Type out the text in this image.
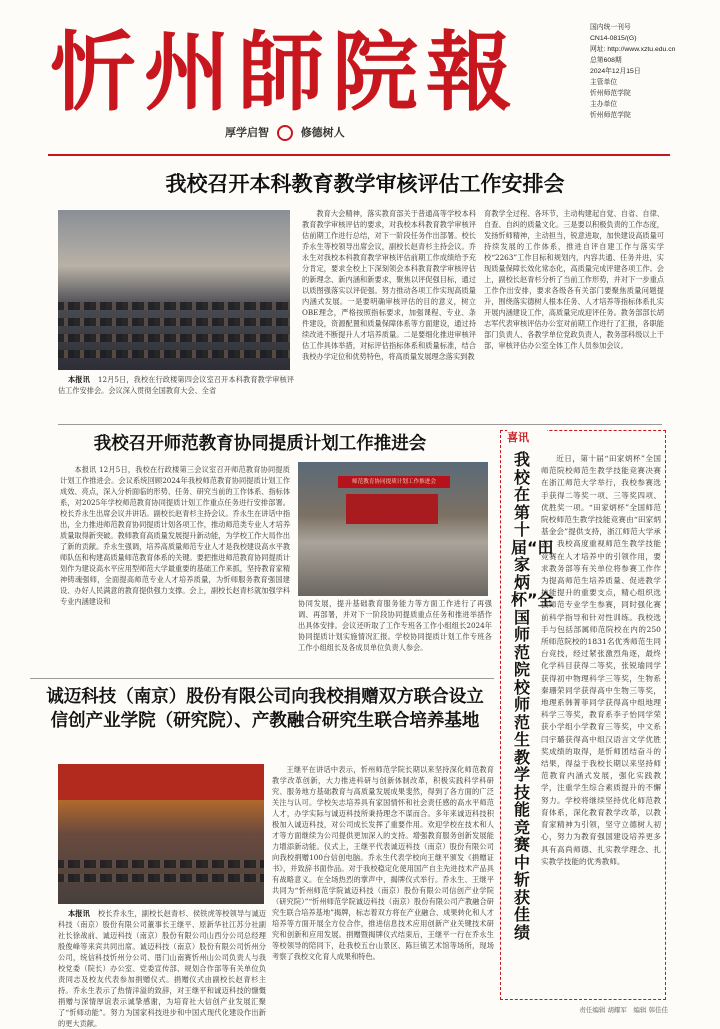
忻州師院報
厚学启智	修德树人
国内统一刊号
CN14-0815/(G)
网址: http://www.xztu.edu.cn
总第608期
2024年12月15日
主管单位
忻州师范学院
主办单位
忻州师范学院
我校召开本科教育教学审核评估工作安排会
本报讯 12月5日，我校在行政楼第四会议室召开本科教育教学审核评估工作安排会。会议深入贯彻全国教育大会、全省

教育大会精神，落实教育部关于普通高等学校本科教育教学审核评估的要求，对我校本科教育教学审核评估前期工作进行总结，对下一阶段任务作出部署。校长乔永生等校领导出席会议，副校长赵青杉主持会议。乔永生对我校本科教育教学审核评估前期工作成绩给予充分肯定，要求全校上下深刻领会本科教育教学审核评估的新理念、新内涵和新要求，聚焦以评促强目标，通过以质图强落实以评促强。努力推动各项工作实现高质量内涵式发展。一是要明确审核评估的目的意义，树立OBE理念，严格按照指标要求，加强课程、专业、条件建设，资源配置和质量保障体系等方面建设，通过持续改进不断提升人才培养质量。二是要细化推进审核评估工作具体举措，对标评估指标体系和质量标准，结合我校办学定位和优势特色，将高质量发展理念落实到教

育教学全过程、各环节，主动构建起自觉、自省、自律、自查、自纠的质量文化。三是要以积极负责的工作态度，发扬忻师精神，主动担当，锐意进取，加快建设高质量可持续发展的工作体系，推进自评自建工作与落实学校“2263”工作目标和规划内，内容共通、任务并进，实现质量保障长效化常态化，高质量完成评建各项工作。会上，副校长赵青杉分析了当前工作形势，并对下一步重点工作作出安排，要求各级各有关部门要聚焦质量问题提升，围绕落实德树人根本任务、人才培养等指标体系扎实开展内涵建设工作，高质量完成迎评任务。教务部部长胡志军代表审核评估办公室对前期工作进行了汇报，各职能部门负责人、各教学单位党政负责人，教务部科级以上干部，审核评估办公室全体工作人员参加会议。

我校召开师范教育协同提质计划工作推进会

本报讯 12月5日，我校在行政楼第三会议室召开师范教育协同提质计划工作推进会。会议系统回顾2024年我校师范教育协同提质计划工作成效、亮点，深入分析面临的形势、任务、研究当前的工作体系、指标体系，对2025年学校师范教育协同提质计划工作重点任务进行安排部署。校长乔永生出席会议并讲话。副校长赵青杉主持会议。乔永生在讲话中指出，全力推进师范教育协同提质计划各项工作，推动师范类专业人才培养质量取得新突破。教师教育高质量发展提升新动能，为学校工作大局作出了新的贡献。乔永生强调，培养高质量师范专业人才是我校建设高水平教师队伍和构建高质量师范教育体系的关键。要把推进师范教育协同提质计划作为建设高水平应用型师范大学最重要的基础工作来抓，坚持教育家精神铸魂强师，全面提高师范专业人才培养质量，为忻师服务教育强国建设、办好人民满意的教育提供强力支撑。会上，副校长赵青杉就加强学科专业内涵建设和

师范教育协同提质计划工作推进会

协同发展，提升基础教育服务能力等方面工作进行了再强调、再部署，并对下一阶段协同提质重点任务和推进举措作出具体安排。会议还听取了工作专班各工作小组组长2024年协同提质计划实施情况汇报。学校协同提质计划工作专班各工作小组组长及各成员单位负责人参会。

诚迈科技（南京）股份有限公司向我校捐赠双方联合设立信创产业学院（研究院）、产教融合研究生联合培养基地
本报讯 校长乔永生，副校长赵青杉、侯铁虎等校领导与诚迈科技（南京）股份有限公司董事长王继平、原新华社江苏分社副社长徐战前、诚迈科技（南京）股份有限公司山西分公司总经理殷俊峰等来宾共同出席。诚迈科技（南京）股份有限公司忻州分公司，统信科技忻州分公司、厝门山南赛忻州山公司负责人与我校党委（院长）办公室、党委宣传部、规划合作部等有关单位负责同志及校友代表参加捐赠仪式。捐赠仪式由副校长赵青杉主持。乔永生表示了热情洋溢的致辞，对王继平和诚迈科技的慷慨捐赠与深情厚谊表示诚挚感谢，为培育社大信创产业发展汇聚了“忻师动能”。努力为国家科技进步和中国式现代化建设作出新的更大贡献。

王继平在讲话中表示，忻州师范学院长期以来坚持深化师范教育教学改革创新，大力推进科研与创新体制改革，积极实践科学科研究、服务地方基础教育与高质量发展成果斐然，得到了各方面的广泛关注与认可。学校矢志培养具有家国情怀和社会责任感的高水平师范人才，办学实际与诚迈科技所秉持理念不谋而合。多年来诚迈科技积极加入诚迈科技，对公司成长发挥了重要作用。欢迎学校在技术和人才等方面继续为公司提供更加深入的支持。增强教育服务创新发展能力增添新动能。仪式上，王继平代表诚迈科技（南京）股份有限公司向我校捐赠100台信创电脑。乔永生代表学校向王继平颁发《捐赠证书》，并致辞书面作品。对于我校稳定化使用国产自主先进技术产品具有战略意义。在全场热烈的掌声中，揭牌仪式举行。乔永生、王继平共同为“忻州师范学院诚迈科技（南京）股份有限公司信创产业学院（研究院）”“忻州师范学院诚迈科技（南京）股份有限公司产教融合研究生联合培养基地”揭牌，标志着双方将在产业融合、成果转化和人才培养等方面开展全方位合作，推进信息技术应用创新产业关键技术研究和创新和应用发展。捐赠暨揭牌仪式结束后，王继平一行在乔永生等校领导的陪同下，赴我校五台山景区、陈巨镇艺术馆等场所，现场考察了我校文化育人成果和特色。

喜讯
我校在第十届“田家炳杯”全国师范院校师范生教学技能竞赛中斩获佳绩

近日，第十届“田家炳杯”全国师范院校师范生教学技能竞赛决赛在浙江师范大学举行，我校参赛选手获得二等奖一项、三等奖四项、优胜奖一项。“田家炳杯”全国师范院校师范生教学技能竞赛由“田家炳基金会”提供支持，浙江师范大学承办。我校高度重视师范生教学技能竞赛在人才培养中的引领作用，要求教务部等有关单位将参赛工作作为提高师范生培养质量、促进教学技能提升的重要支点，精心组织选拔师范专业学生参赛，同时强化赛前科学指导和针对性训练。我校选手与包括部属师范院校在内的250所师范院校的1831名优秀师范生同台竞技，经过紧张激烈角逐，最终化学科目获得二等奖，张锐瑜同学获得初中物理科学三等奖，生物系秦珊荣同学获得高中生物三等奖，地理系韩菁菲同学获得高中组地理科学三等奖，教育系李子怡同学荣获小学组小学教育三等奖，中文系闫宇璐获得高中组汉语言文学优胜奖成绩的取得，是忻师团结奋斗的结果，得益于我校长期以来坚持师范教育内涵式发展，强化实践教学，注重学生综合素质提升的不懈努力。学校将继续坚持优化师范教育体系，深化教育教学改革，以教育家精神为引领，坚守立德树人初心，努力为教育强国建设培养更多具有高尚师德、扎实教学理念、扎实教学技能的优秀教师。

责任编辑 胡耀军　编辑 韩佳佳
